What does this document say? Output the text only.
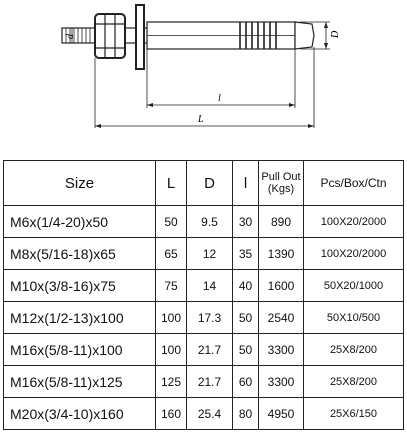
l
L
D
d
Size	L	D	l	Pull Out (Kgs)	Pcs/Box/Ctn
M6x(1/4-20)x50	50	9.5	30	890	100X20/2000
M8x(5/16-18)x65	65	12	35	1390	100X20/2000
M10x(3/8-16)x75	75	14	40	1600	50X20/1000
M12x(1/2-13)x100	100	17.3	50	2540	50X10/500
M16x(5/8-11)x100	100	21.7	50	3300	25X8/200
M16x(5/8-11)x125	125	21.7	60	3300	25X8/200
M20x(3/4-10)x160	160	25.4	80	4950	25X6/150
